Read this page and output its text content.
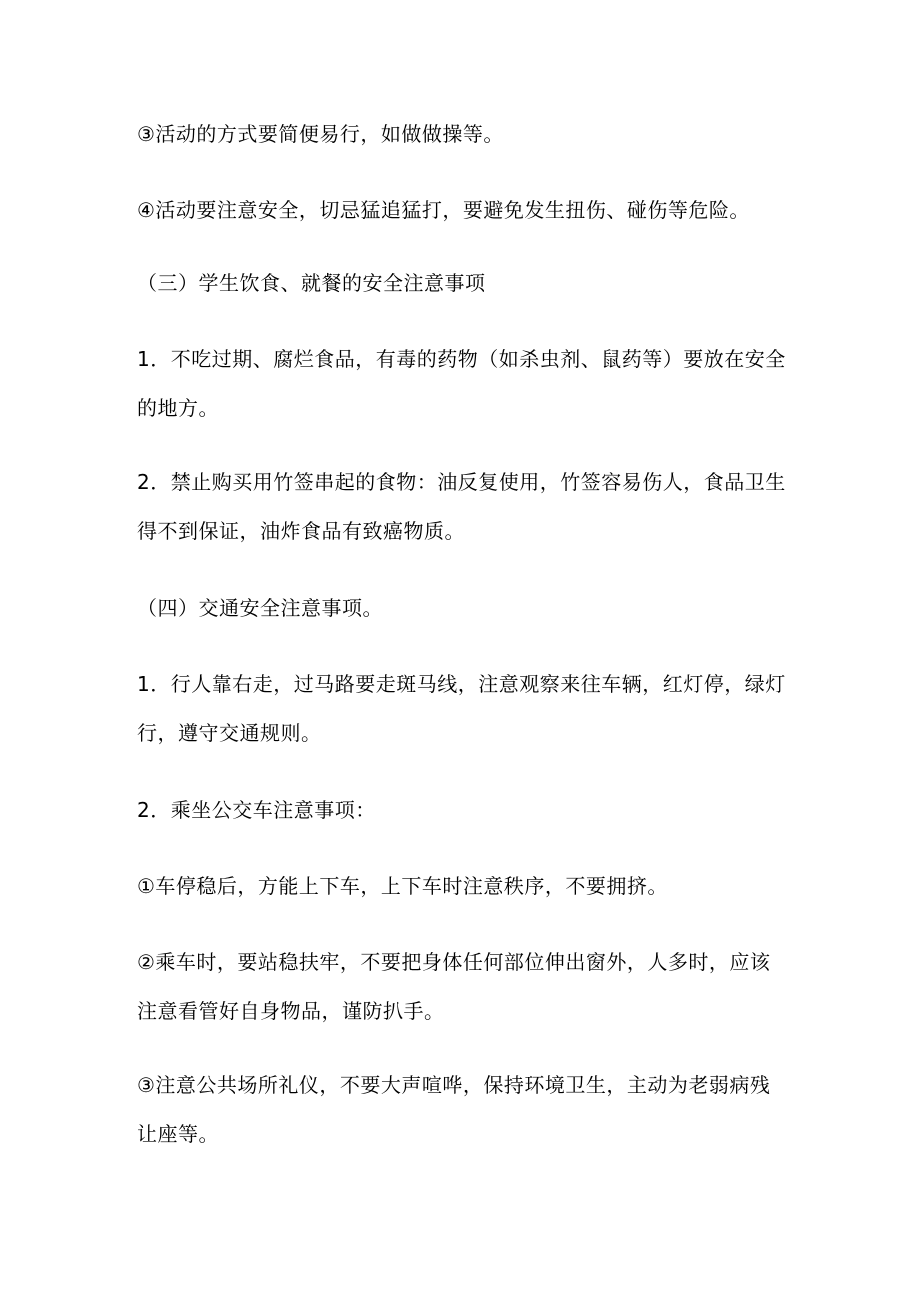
③活动的方式要简便易行，如做做操等。

④活动要注意安全，切忌猛追猛打，要避免发生扭伤、碰伤等危险。

（三）学生饮食、就餐的安全注意事项

1．不吃过期、腐烂食品，有毒的药物（如杀虫剂、鼠药等）要放在安全的地方。

2．禁止购买用竹签串起的食物：油反复使用，竹签容易伤人，食品卫生得不到保证，油炸食品有致癌物质。

（四）交通安全注意事项。

1．行人靠右走，过马路要走斑马线，注意观察来往车辆，红灯停，绿灯行，遵守交通规则。

2．乘坐公交车注意事项：

①车停稳后，方能上下车，上下车时注意秩序，不要拥挤。

②乘车时，要站稳扶牢，不要把身体任何部位伸出窗外，人多时，应该注意看管好自身物品，谨防扒手。

③注意公共场所礼仪，不要大声喧哗，保持环境卫生，主动为老弱病残让座等。
